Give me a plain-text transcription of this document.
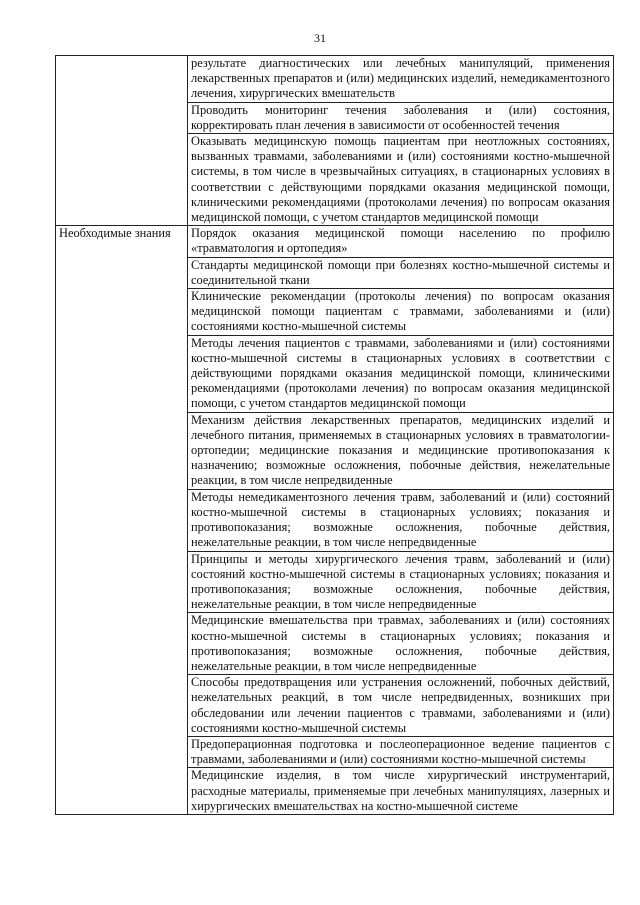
31

	результате диагностических или лечебных манипуляций, применения лекарственных препаратов и (или) медицинских изделий, немедикаментозного лечения, хирургических вмешательств

	Проводить мониторинг течения заболевания и (или) состояния, корректировать план лечения в зависимости от особенностей течения

	Оказывать медицинскую помощь пациентам при неотложных состояниях, вызванных травмами, заболеваниями и (или) состояниями костно-мышечной системы, в том числе в чрезвычайных ситуациях, в стационарных условиях в соответствии с действующими порядками оказания медицинской помощи, клиническими рекомендациями (протоколами лечения) по вопросам оказания медицинской помощи, с учетом стандартов медицинской помощи

Необходимые знания	Порядок оказания медицинской помощи населению по профилю «травматология и ортопедия»

	Стандарты медицинской помощи при болезнях костно-мышечной системы и соединительной ткани

	Клинические рекомендации (протоколы лечения) по вопросам оказания медицинской помощи пациентам с травмами, заболеваниями и (или) состояниями костно-мышечной системы

	Методы лечения пациентов с травмами, заболеваниями и (или) состояниями костно-мышечной системы в стационарных условиях в соответствии с действующими порядками оказания медицинской помощи, клиническими рекомендациями (протоколами лечения) по вопросам оказания медицинской помощи, с учетом стандартов медицинской помощи

	Механизм действия лекарственных препаратов, медицинских изделий и лечебного питания, применяемых в стационарных условиях в травматологии-ортопедии; медицинские показания и медицинские противопоказания к назначению; возможные осложнения, побочные действия, нежелательные реакции, в том числе непредвиденные

	Методы немедикаментозного лечения травм, заболеваний и (или) состояний костно-мышечной системы в стационарных условиях; показания и противопоказания; возможные осложнения, побочные действия, нежелательные реакции, в том числе непредвиденные

	Принципы и методы хирургического лечения травм, заболеваний и (или) состояний костно-мышечной системы в стационарных условиях; показания и противопоказания; возможные осложнения, побочные действия, нежелательные реакции, в том числе непредвиденные

	Медицинские вмешательства при травмах, заболеваниях и (или) состояниях костно-мышечной системы в стационарных условиях; показания и противопоказания; возможные осложнения, побочные действия, нежелательные реакции, в том числе непредвиденные

	Способы предотвращения или устранения осложнений, побочных действий, нежелательных реакций, в том числе непредвиденных, возникших при обследовании или лечении пациентов с травмами, заболеваниями и (или) состояниями костно-мышечной системы

	Предоперационная подготовка и послеоперационное ведение пациентов с травмами, заболеваниями и (или) состояниями костно-мышечной системы

	Медицинские изделия, в том числе хирургический инструментарий, расходные материалы, применяемые при лечебных манипуляциях, лазерных и хирургических вмешательствах на костно-мышечной системе
